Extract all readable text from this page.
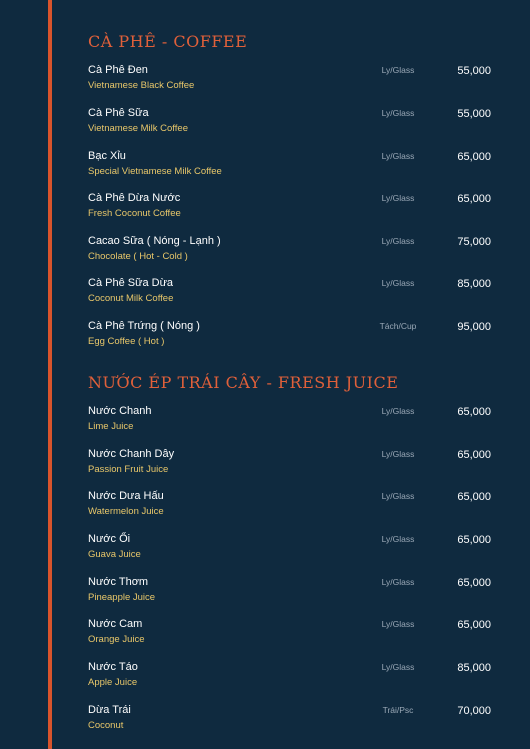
CÀ PHÊ - COFFEE
Cà Phê Đen
Vietnamese Black Coffee
Ly/Glass	55,000
Cà Phê Sữa
Vietnamese Milk Coffee
Ly/Glass	55,000
Bạc Xỉu
Special Vietnamese Milk Coffee
Ly/Glass	65,000
Cà Phê Dừa Nước
Fresh Coconut Coffee
Ly/Glass	65,000
Cacao Sữa ( Nóng - Lạnh )
Chocolate ( Hot - Cold )
Ly/Glass	75,000
Cà Phê Sữa Dừa
Coconut Milk Coffee
Ly/Glass	85,000
Cà Phê Trứng ( Nóng )
Egg Coffee ( Hot )
Tách/Cup	95,000
NƯỚC ÉP TRÁI CÂY - FRESH JUICE
Nước Chanh
Lime Juice
Ly/Glass	65,000
Nước Chanh Dây
Passion Fruit Juice
Ly/Glass	65,000
Nước Dưa Hấu
Watermelon Juice
Ly/Glass	65,000
Nước Ổi
Guava Juice
Ly/Glass	65,000
Nước Thơm
Pineapple Juice
Ly/Glass	65,000
Nước Cam
Orange Juice
Ly/Glass	65,000
Nước Táo
Apple Juice
Ly/Glass	85,000
Dừa Trái
Coconut
Trái/Psc	70,000
